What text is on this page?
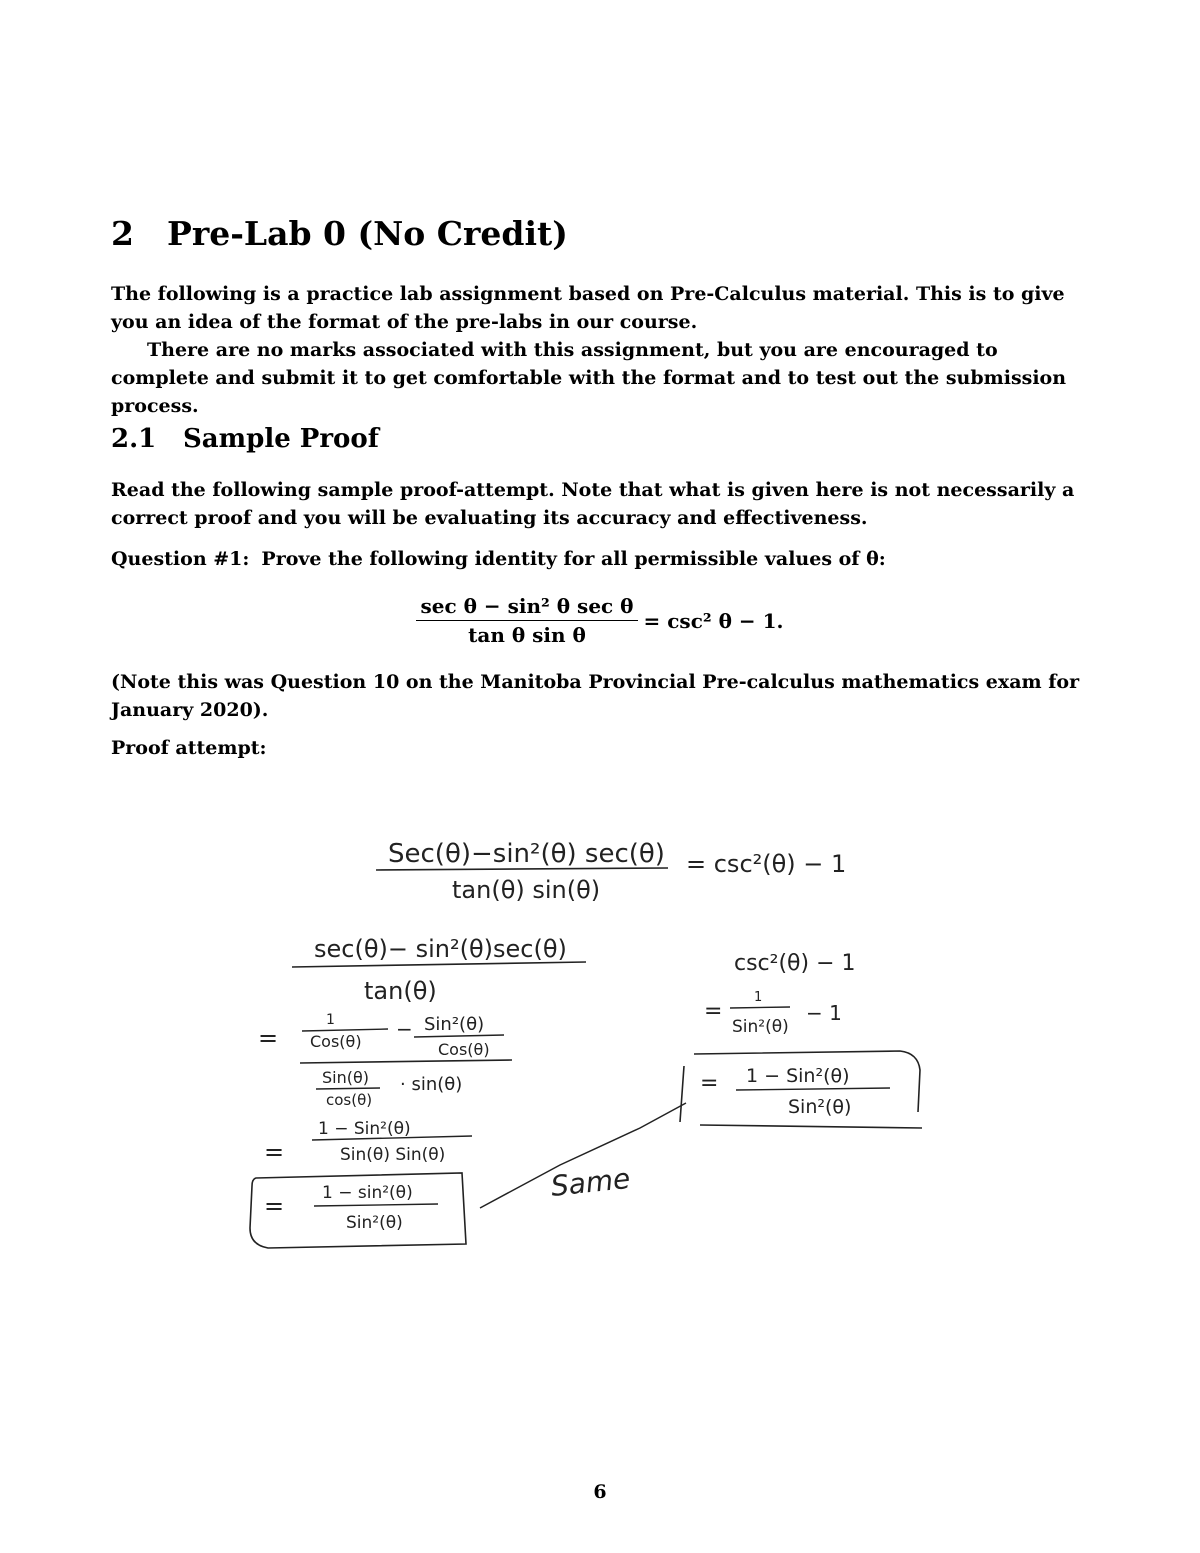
2 Pre-Lab 0 (No Credit)
The following is a practice lab assignment based on Pre-Calculus material. This is to give you an idea of the format of the pre-labs in our course.
There are no marks associated with this assignment, but you are encouraged to complete and submit it to get comfortable with the format and to test out the submission process.
2.1 Sample Proof
Read the following sample proof-attempt. Note that what is given here is not necessarily a correct proof and you will be evaluating its accuracy and effectiveness.
Question #1: Prove the following identity for all permissible values of θ:
$\frac{\text{sec θ − sin² θ sec θ}}{\text{tan θ sin θ}} = \csc^2$ θ − 1.
(Note this was Question 10 on the Manitoba Provincial Pre-calculus mathematics exam for January 2020).
Proof attempt:
Sec(θ)−sin²(θ) sec(θ)
tan(θ) sin(θ)
= csc²(θ) − 1
sec(θ)− sin²(θ)sec(θ)
tan(θ)
=
1
Cos(θ)
− Sin²(θ)
Cos(θ)
Sin(θ)
cos(θ)
· sin(θ)
=
1 − Sin²(θ)
Sin(θ) Sin(θ)
= 1 − sin²(θ)
Sin²(θ)
csc²(θ) − 1
=
1
Sin²(θ)
− 1
= 1 − Sin²(θ)
Sin²(θ)
Same
6
